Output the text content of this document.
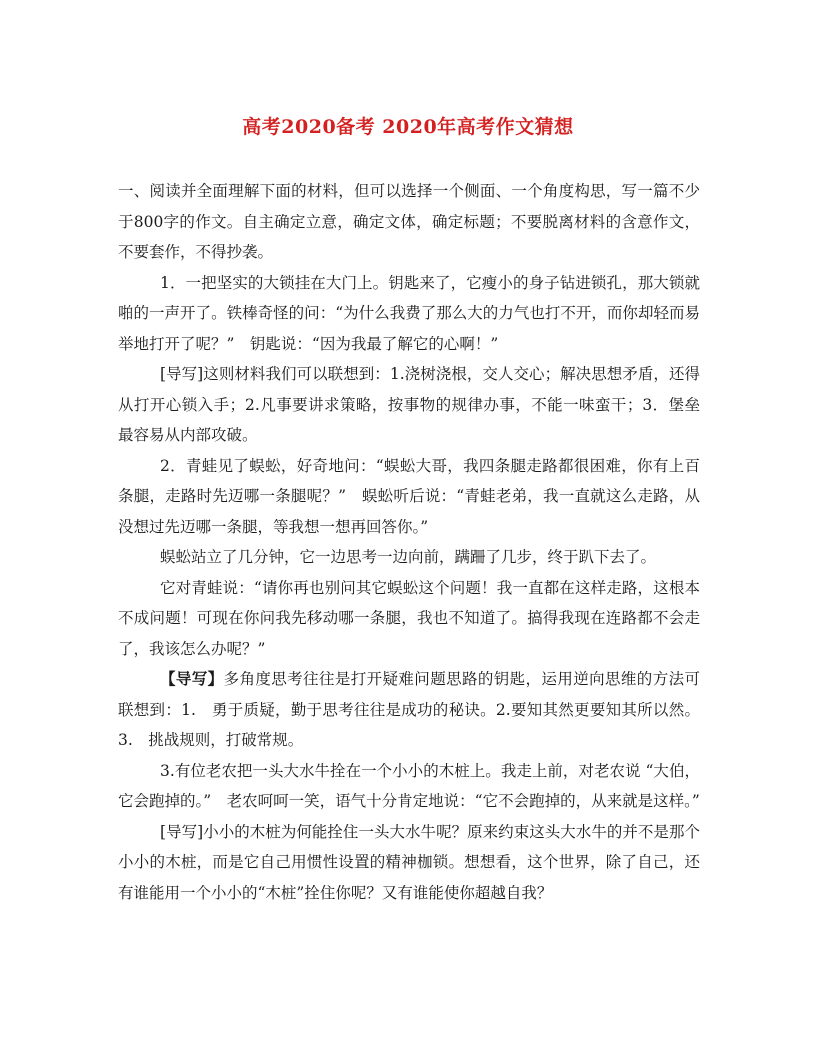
高考2020备考 2020年高考作文猜想

一、阅读并全面理解下面的材料，但可以选择一个侧面、一个角度构思，写一篇不少于800字的作文。自主确定立意，确定文体，确定标题；不要脱离材料的含意作文，不要套作，不得抄袭。

1．一把坚实的大锁挂在大门上。钥匙来了，它瘦小的身子钻进锁孔，那大锁就啪的一声开了。铁棒奇怪的问：“为什么我费了那么大的力气也打不开，而你却轻而易举地打开了呢？”　钥匙说：“因为我最了解它的心啊！”

[导写]这则材料我们可以联想到：1.浇树浇根，交人交心；解决思想矛盾，还得从打开心锁入手；2.凡事要讲求策略，按事物的规律办事，不能一味蛮干；3．堡垒最容易从内部攻破。

2．青蛙见了蜈蚣，好奇地问：“蜈蚣大哥，我四条腿走路都很困难，你有上百条腿，走路时先迈哪一条腿呢？”　蜈蚣听后说：“青蛙老弟，我一直就这么走路，从没想过先迈哪一条腿，等我想一想再回答你。”

蜈蚣站立了几分钟，它一边思考一边向前，蹒跚了几步，终于趴下去了。

它对青蛙说：“请你再也别问其它蜈蚣这个问题！我一直都在这样走路，这根本不成问题！可现在你问我先移动哪一条腿，我也不知道了。搞得我现在连路都不会走了，我该怎么办呢？”

【导写】多角度思考往往是打开疑难问题思路的钥匙，运用逆向思维的方法可联想到：1.　勇于质疑，勤于思考往往是成功的秘诀。2.要知其然更要知其所以然。3.　挑战规则，打破常规。

3.有位老农把一头大水牛拴在一个小小的木桩上。我走上前，对老农说 “大伯，它会跑掉的。”　老农呵呵一笑，语气十分肯定地说：“它不会跑掉的，从来就是这样。”

[导写]小小的木桩为何能拴住一头大水牛呢？原来约束这头大水牛的并不是那个小小的木桩，而是它自己用惯性设置的精神枷锁。想想看，这个世界，除了自己，还有谁能用一个小小的“木桩”拴住你呢？又有谁能使你超越自我？
